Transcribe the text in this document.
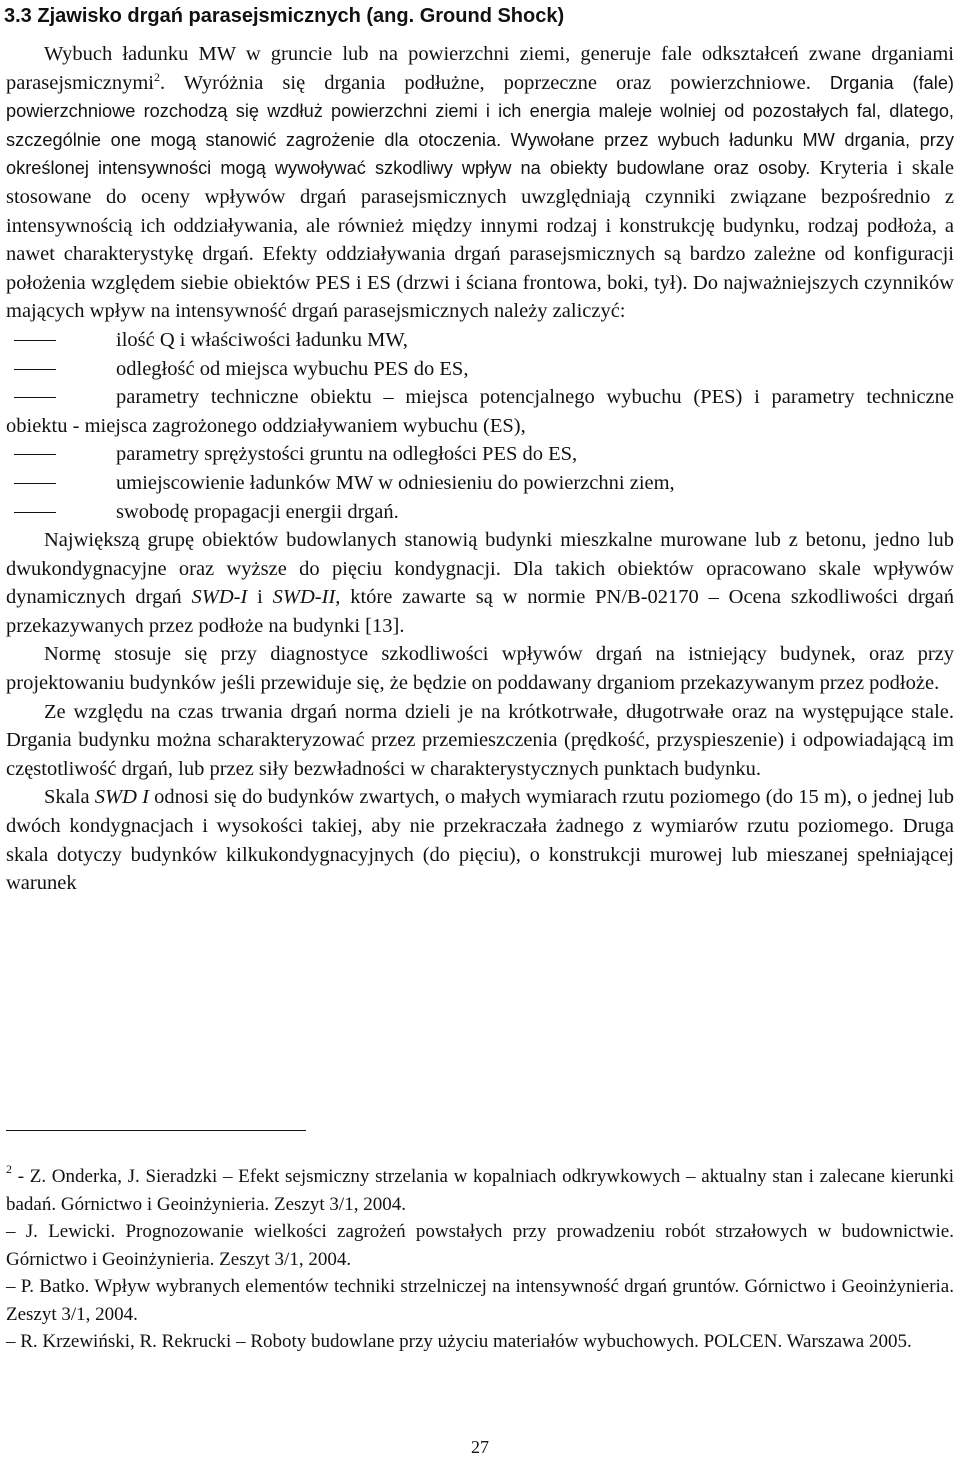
3.3 Zjawisko drgań parasejsmicznych (ang. Ground Shock)

Wybuch ładunku MW w gruncie lub na powierzchni ziemi, generuje fale odkształceń zwane drganiami parasejsmicznymi$^2$. Wyróżnia się drgania podłużne, poprzeczne oraz powierzchniowe. Drgania (fale) powierzchniowe rozchodzą się wzdłuż powierzchni ziemi i ich energia maleje wolniej od pozostałych fal, dlatego, szczególnie one mogą stanowić zagrożenie dla otoczenia. Wywołane przez wybuch ładunku MW drgania, przy określonej intensywności mogą wywoływać szkodliwy wpływ na obiekty budowlane oraz osoby. Kryteria i skale stosowane do oceny wpływów drgań parasejsmicznych uwzględniają czynniki związane bezpośrednio z intensywnością ich oddziaływania, ale również między innymi rodzaj i konstrukcję budynku, rodzaj podłoża, a nawet charakterystykę drgań. Efekty oddziaływania drgań parasejsmicznych są bardzo zależne od konfiguracji położenia względem siebie obiektów PES i ES (drzwi i ściana frontowa, boki, tył). Do najważniejszych czynników mających wpływ na intensywność drgań parasejsmicznych należy zaliczyć:

ilość Q i właściwości ładunku MW,
odległość od miejsca wybuchu PES do ES,
parametry techniczne obiektu – miejsca potencjalnego wybuchu (PES) i parametry techniczne obiektu - miejsca zagrożonego oddziaływaniem wybuchu (ES),
parametry sprężystości gruntu na odległości PES do ES,
umiejscowienie ładunków MW w odniesieniu do powierzchni ziem,
swobodę propagacji energii drgań.

Największą grupę obiektów budowlanych stanowią budynki mieszkalne murowane lub z betonu, jedno lub dwukondygnacyjne oraz wyższe do pięciu kondygnacji. Dla takich obiektów opracowano skale wpływów dynamicznych drgań SWD-I i SWD-II, które zawarte są w normie PN/B-02170 – Ocena szkodliwości drgań przekazywanych przez podłoże na budynki [13].

Normę stosuje się przy diagnostyce szkodliwości wpływów drgań na istniejący budynek, oraz przy projektowaniu budynków jeśli przewiduje się, że będzie on poddawany drganiom przekazywanym przez podłoże.

Ze względu na czas trwania drgań norma dzieli je na krótkotrwałe, długotrwałe oraz na występujące stale. Drgania budynku można scharakteryzować przez przemieszczenia (prędkość, przyspieszenie) i odpowiadającą im częstotliwość drgań, lub przez siły bezwładności w charakterystycznych punktach budynku.

Skala SWD I odnosi się do budynków zwartych, o małych wymiarach rzutu poziomego (do 15 m), o jednej lub dwóch kondygnacjach i wysokości takiej, aby nie przekraczała żadnego z wymiarów rzutu poziomego. Druga skala dotyczy budynków kilkukondygnacyjnych (do pięciu), o konstrukcji murowej lub mieszanej spełniającej warunek

$^2$ - Z. Onderka, J. Sieradzki – Efekt sejsmiczny strzelania w kopalniach odkrywkowych – aktualny stan i zalecane kierunki badań. Górnictwo i Geoinżynieria. Zeszyt 3/1, 2004.

– J. Lewicki. Prognozowanie wielkości zagrożeń powstałych przy prowadzeniu robót strzałowych w budownictwie. Górnictwo i Geoinżynieria. Zeszyt 3/1, 2004.

– P. Batko. Wpływ wybranych elementów techniki strzelniczej na intensywność drgań gruntów. Górnictwo i Geoinżynieria. Zeszyt 3/1, 2004.

– R. Krzewiński, R. Rekrucki – Roboty budowlane przy użyciu materiałów wybuchowych. POLCEN. Warszawa 2005.

27
